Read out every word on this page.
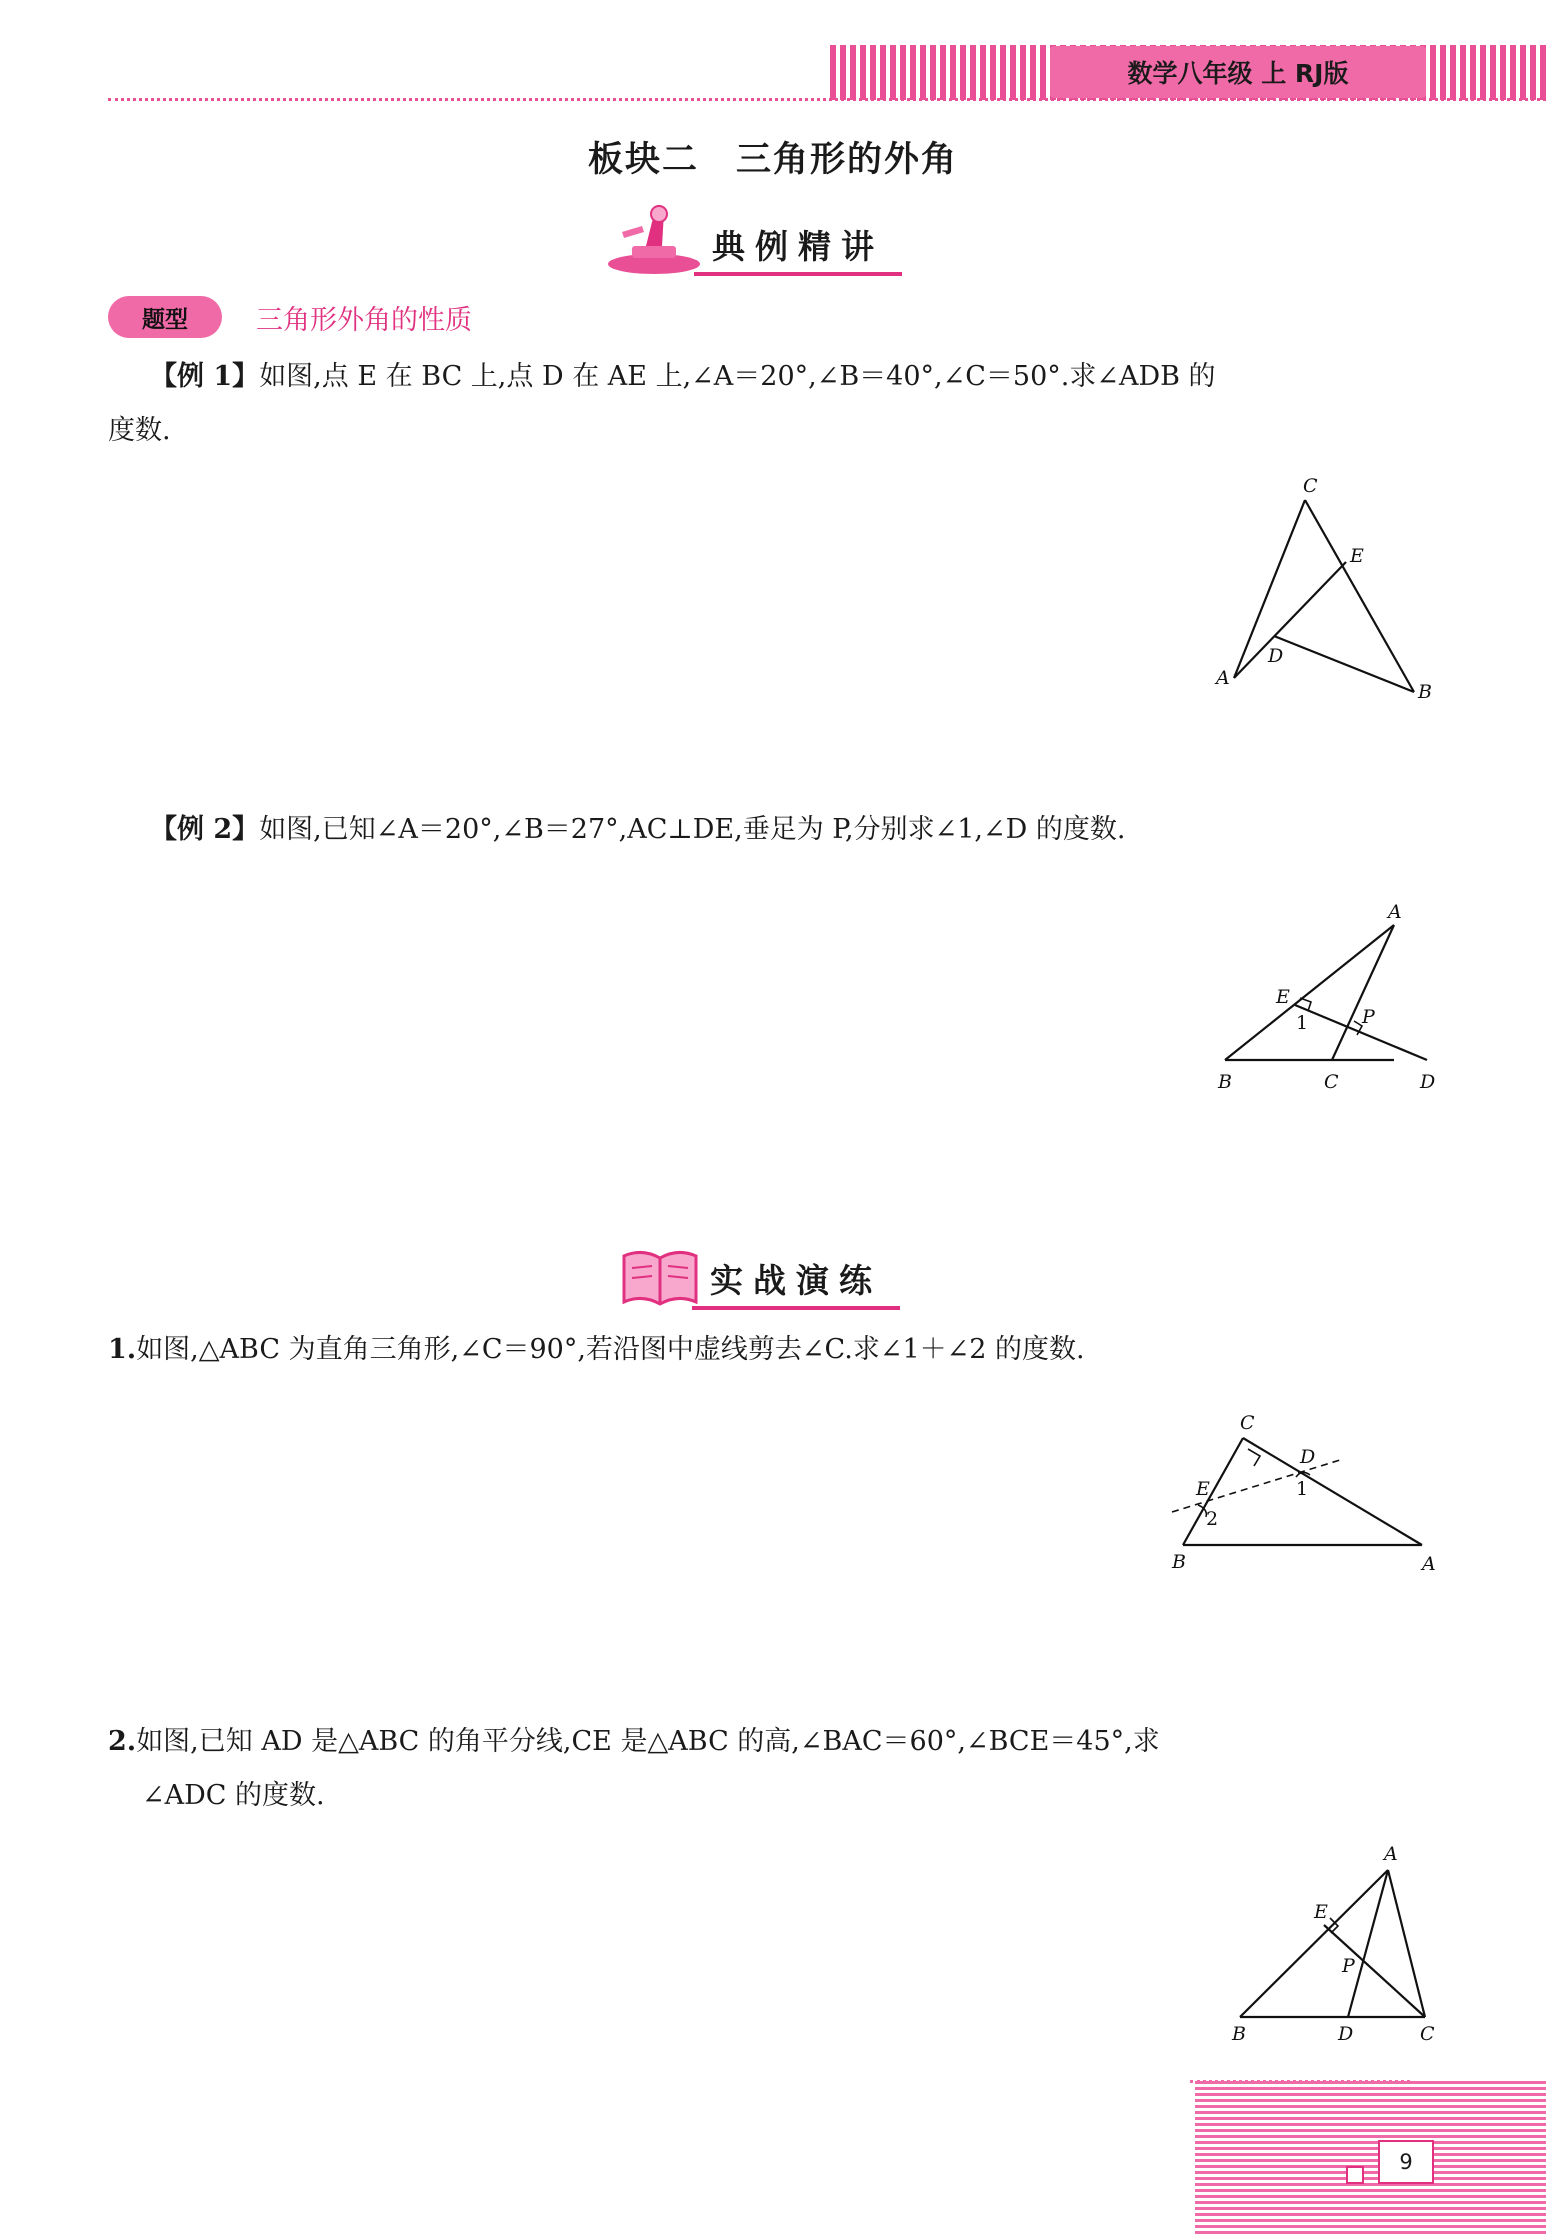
数学八年级 上 RJ版
板块二　三角形的外角
典例精讲
题型	三角形外角的性质
【例 1】如图,点 E 在 BC 上,点 D 在 AE 上,∠A＝20°,∠B＝40°,∠C＝50°.求∠ADB 的
度数.
C
E
D
A
B
【例 2】如图,已知∠A＝20°,∠B＝27°,AC⊥DE,垂足为 P,分别求∠1,∠D 的度数.
E
A
P
1
B	C	D
实战演练
1.如图,△ABC 为直角三角形,∠C＝90°,若沿图中虚线剪去∠C.求∠1＋∠2 的度数.
C
D
E	1
2
B	A
2.如图,已知 AD 是△ABC 的角平分线,CE 是△ABC 的高,∠BAC＝60°,∠BCE＝45°,求
∠ADC 的度数.
A
E
P
B	D	C
9
